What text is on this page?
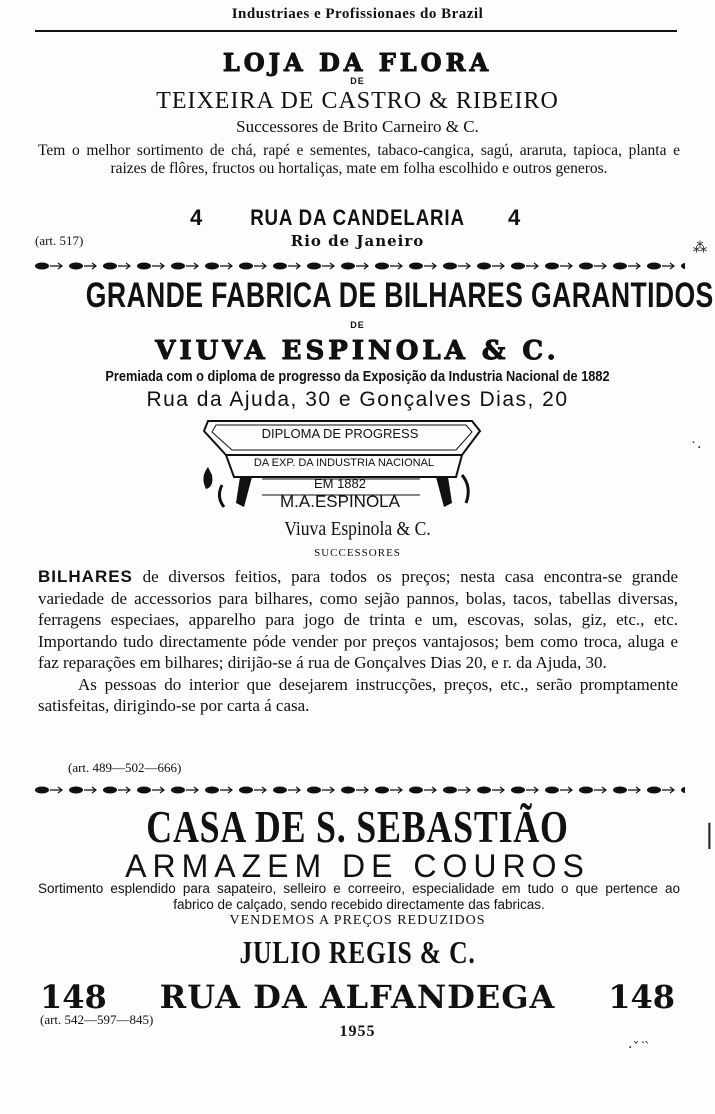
Industriaes e Profissionaes do Brazil
LOJA DA FLORA
DE
TEIXEIRA DE CASTRO & RIBEIRO
Successores de Brito Carneiro & C.
Tem o melhor sortimento de chá, rapé e sementes, tabaco-cangica, sagú, araruta, tapioca, planta e raizes de flôres, fructos ou hortaliças, mate em folha escolhido e outros generos.
4	RUA DA CANDELARIA	4
(art. 517)	Rio de Janeiro
GRANDE FABRICA DE BILHARES GARANTIDOS
DE
VIUVA ESPINOLA & C.
Premiada com o diploma de progresso da Exposição da Industria Nacional de 1882
Rua da Ajuda, 30 e Gonçalves Dias, 20
DIPLOMA DE PROGRESS
DA EXP. DA INDUSTRIA NACIONAL
EM 1882
M.A.ESPINOLA
Viuva Espinola & C.
SUCCESSORES

BILHARES de diversos feitios, para todos os preços; nesta casa encontra-se grande variedade de accessorios para bilhares, como sejão pannos, bolas, tacos, tabellas diversas, ferragens especiaes, apparelho para jogo de trinta e um, escovas, solas, giz, etc., etc. Importando tudo directamente póde vender por preços vantajosos; bem como troca, aluga e faz reparações em bilhares; dirijão-se á rua de Gonçalves Dias 20, e r. da Ajuda, 30.

As pessoas do interior que desejarem instrucções, preços, etc., serão promptamente satisfeitas, dirigindo-se por carta á casa.

(art. 489—502—666)
CASA DE S. SEBASTIÃO
ARMAZEM DE COUROS
Sortimento esplendido para sapateiro, selleiro e correeiro, especialidade em tudo o que pertence ao fabrico de calçado, sendo recebido directamente das fabricas.
VENDEMOS A PREÇOS REDUZIDOS
JULIO REGIS & C.
148	RUA DA ALFANDEGA	148
(art. 542—597—845)
1955
⁂
˙·
|
·ˇ˙ ̀
